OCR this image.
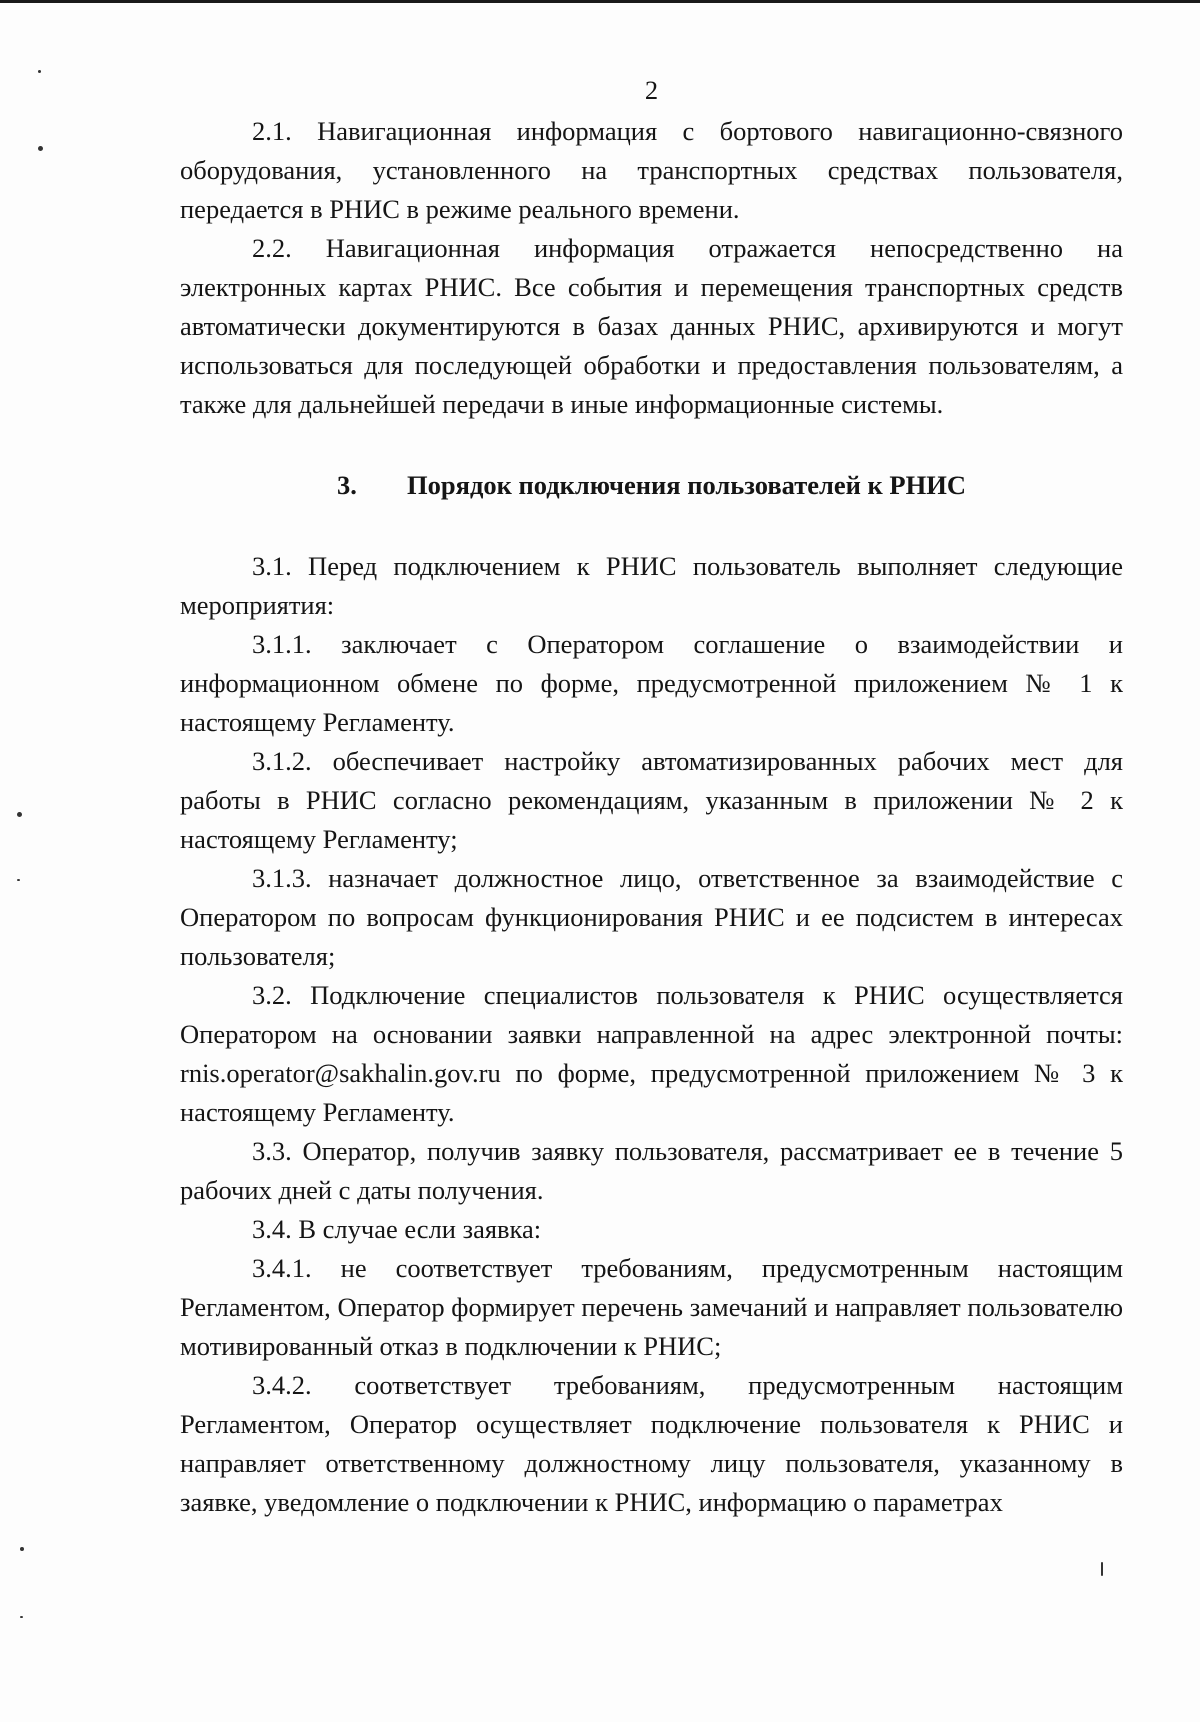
2

2.1. Навигационная информация с бортового навигационно-связного оборудования, установленного на транспортных средствах пользователя, передается в РНИС в режиме реального времени.

2.2. Навигационная информация отражается непосредственно на электронных картах РНИС. Все события и перемещения транспортных средств автоматически документируются в базах данных РНИС, архивируются и могут использоваться для последующей обработки и предоставления пользователям, а также для дальнейшей передачи в иные информационные системы.

3. Порядок подключения пользователей к РНИС

3.1. Перед подключением к РНИС пользователь выполняет следующие мероприятия:

3.1.1. заключает с Оператором соглашение о взаимодействии и информационном обмене по форме, предусмотренной приложением № 1 к настоящему Регламенту.

3.1.2. обеспечивает настройку автоматизированных рабочих мест для работы в РНИС согласно рекомендациям, указанным в приложении № 2 к настоящему Регламенту;

3.1.3. назначает должностное лицо, ответственное за взаимодействие с Оператором по вопросам функционирования РНИС и ее подсистем в интересах пользователя;

3.2. Подключение специалистов пользователя к РНИС осуществляется Оператором на основании заявки направленной на адрес электронной почты: rnis.operator@sakhalin.gov.ru по форме, предусмотренной приложением № 3 к настоящему Регламенту.

3.3. Оператор, получив заявку пользователя, рассматривает ее в течение 5 рабочих дней с даты получения.

3.4. В случае если заявка:

3.4.1. не соответствует требованиям, предусмотренным настоящим Регламентом, Оператор формирует перечень замечаний и направляет пользователю мотивированный отказ в подключении к РНИС;

3.4.2. соответствует требованиям, предусмотренным настоящим Регламентом, Оператор осуществляет подключение пользователя к РНИС и направляет ответственному должностному лицу пользователя, указанному в заявке, уведомление о подключении к РНИС, информацию о параметрах
